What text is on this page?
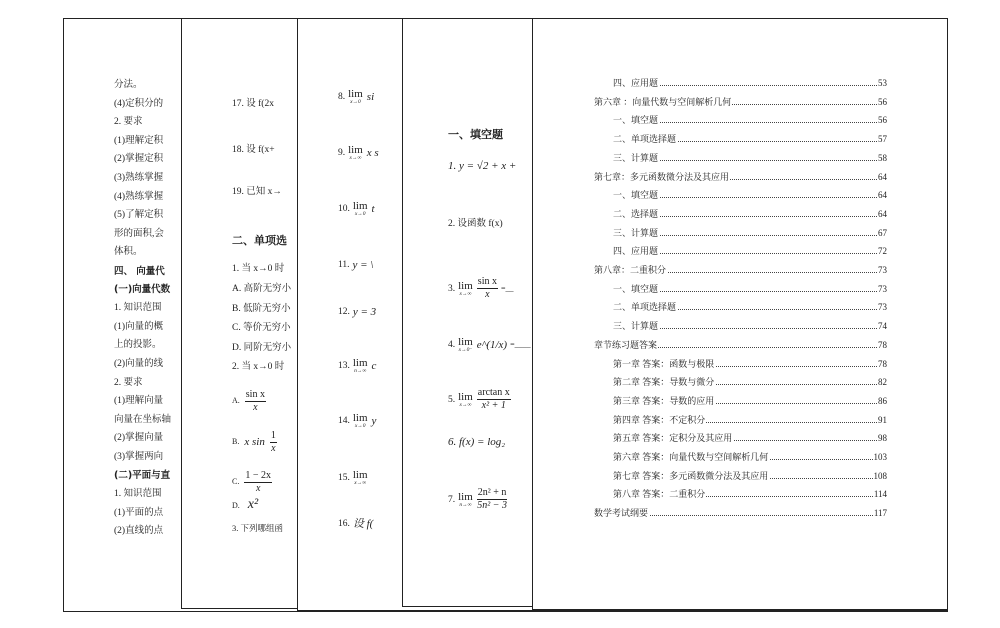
分法。
(4)定积分的
2. 要求
(1)理解定积
(2)掌握定积
(3)熟练掌握
(4)熟练掌握
(5)了解定积
形的面积,会
体积。
四、 向量代
(一)向量代数
1. 知识范围
(1)向量的概
上的投影。
(2)向量的线
2. 要求
(1)理解向量
向量在坐标轴
(2)掌握向量
(3)掌握两向
(二)平面与直
1. 知识范围
(1)平面的点
(2)直线的点
17. 设 f(2x
18. 设 f(x+
19. 已知 x→
二、单项选
1. 当 x→0 时
A. 高阶无穷小
B. 低阶无穷小
C. 等价无穷小
D. 同阶无穷小
2. 当 x→0 时
A. $\frac{\text{sin x}}{x}$
B. x $\sin \frac{1}{x}$
C. $\frac{1 - 2x}{x}$
D. x²
3. 下列哪组函
8. lim
x→0 si
9. lim
x→∞ x s
10. lim
x→0 t
11. y = \
12. y = 3
13. lim
n→∞ c
14. lim
x→0 y
15. lim
x→∞
16. 设 f(
一、填空题
1. y = √2 + x +
2. 设函数 f(x)
3. lim
$x\to\infty \frac{\text{sin x}}{x}$ =__
4. lim
x→0⁻ e^(1/x) =____
5. lim
$x\to\infty \frac{\text{arctan x}}{\text{x² + 1}}$
6. f(x) = log₂
7. lim
$n\to\infty \frac{\text{2n² + n}}{\text{5n² − 3}}$
四、应用题	53
第六章 ：向量代数与空间解析几何	56
一、填空题	56
二、单项选择题	57
三、计算题	58
第七章：多元函数微分法及其应用	64
一、填空题	64
二、选择题	64
三、计算题	67
四、应用题	72
第八章：二重积分	73
一、填空题	73
二、单项选择题	73
三、计算题	74
章节练习题答案	78
第一章 答案：函数与极限	78
第二章 答案：导数与微分	82
第三章 答案：导数的应用	86
第四章 答案：不定积分	91
第五章 答案：定积分及其应用	98
第六章 答案：向量代数与空间解析几何	103
第七章 答案：多元函数微分法及其应用	108
第八章 答案：二重积分	114
数学考试纲要	117
